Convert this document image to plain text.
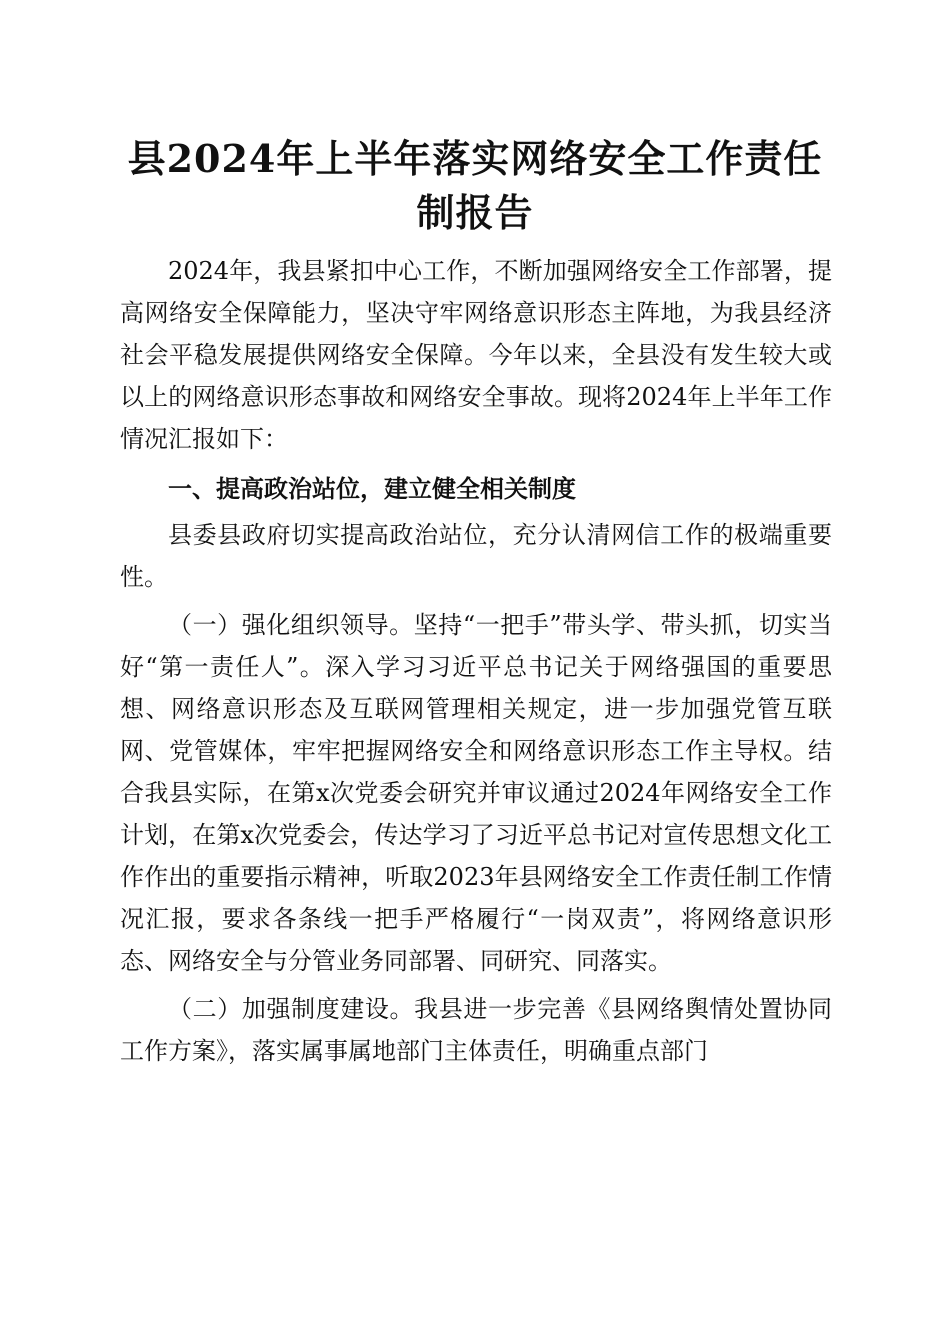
县2024年上半年落实网络安全工作责任制报告

2024年，我县紧扣中心工作，不断加强网络安全工作部署，提高网络安全保障能力，坚决守牢网络意识形态主阵地，为我县经济社会平稳发展提供网络安全保障。今年以来，全县没有发生较大或以上的网络意识形态事故和网络安全事故。现将2024年上半年工作情况汇报如下：

一、提高政治站位，建立健全相关制度

县委县政府切实提高政治站位，充分认清网信工作的极端重要性。

（一）强化组织领导。坚持“一把手”带头学、带头抓，切实当好“第一责任人”。深入学习习近平总书记关于网络强国的重要思想、网络意识形态及互联网管理相关规定，进一步加强党管互联网、党管媒体，牢牢把握网络安全和网络意识形态工作主导权。结合我县实际，在第x次党委会研究并审议通过2024年网络安全工作计划，在第x次党委会，传达学习了习近平总书记对宣传思想文化工作作出的重要指示精神，听取2023年县网络安全工作责任制工作情况汇报，要求各条线一把手严格履行“一岗双责”，将网络意识形态、网络安全与分管业务同部署、同研究、同落实。

（二）加强制度建设。我县进一步完善《县网络舆情处置协同工作方案》，落实属事属地部门主体责任，明确重点部门
